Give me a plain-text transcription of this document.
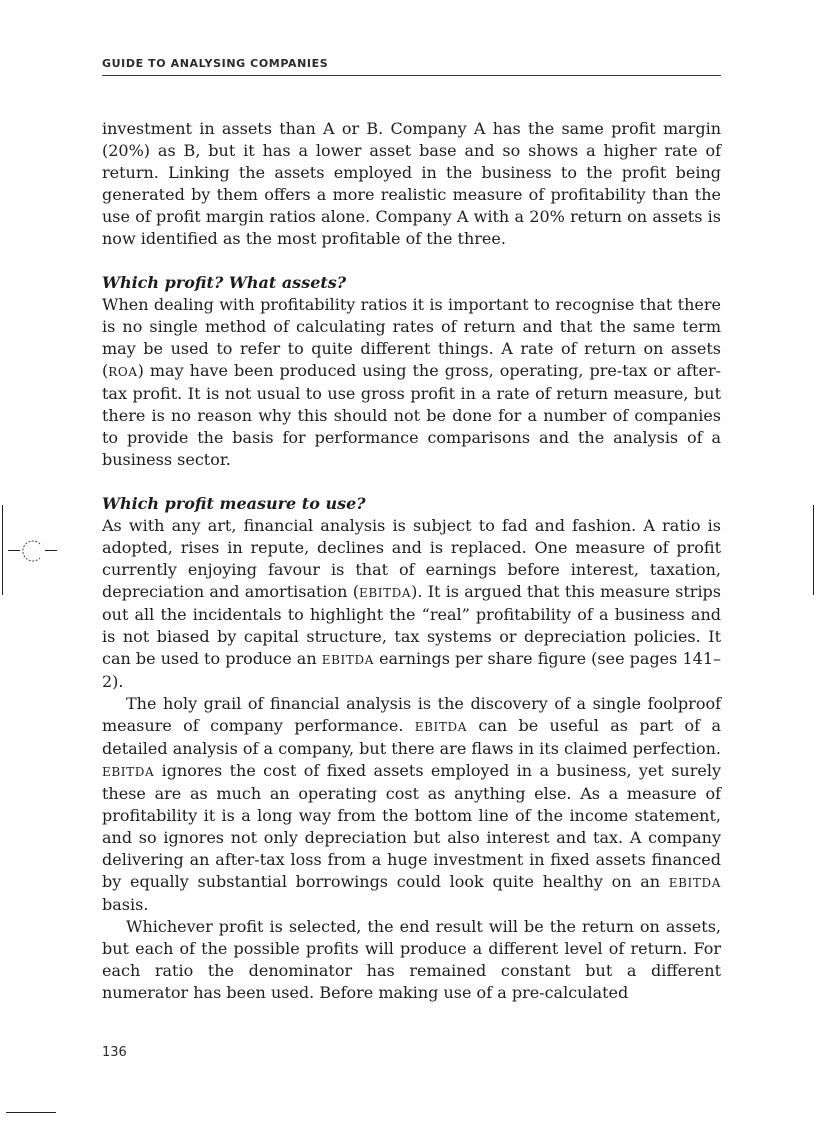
GUIDE TO ANALYSING COMPANIES

investment in assets than A or B. Company A has the same profit margin (20%) as B, but it has a lower asset base and so shows a higher rate of return. Linking the assets employed in the business to the profit being generated by them offers a more realistic measure of profitability than the use of profit margin ratios alone. Company A with a 20% return on assets is now identified as the most profitable of the three.

Which profit? What assets?

When dealing with profitability ratios it is important to recognise that there is no single method of calculating rates of return and that the same term may be used to refer to quite different things. A rate of return on assets (ROA) may have been produced using the gross, operating, pre-tax or after-tax profit. It is not usual to use gross profit in a rate of return measure, but there is no reason why this should not be done for a number of companies to provide the basis for performance comparisons and the analysis of a business sector.

Which profit measure to use?

As with any art, financial analysis is subject to fad and fashion. A ratio is adopted, rises in repute, declines and is replaced. One measure of profit currently enjoying favour is that of earnings before interest, taxation, depreciation and amortisation (EBITDA). It is argued that this measure strips out all the incidentals to highlight the “real” profitability of a business and is not biased by capital structure, tax systems or depreciation policies. It can be used to produce an EBITDA earnings per share figure (see pages 141–2).

The holy grail of financial analysis is the discovery of a single foolproof measure of company performance. EBITDA can be useful as part of a detailed analysis of a company, but there are flaws in its claimed perfection. EBITDA ignores the cost of fixed assets employed in a business, yet surely these are as much an operating cost as anything else. As a measure of profitability it is a long way from the bottom line of the income statement, and so ignores not only depreciation but also interest and tax. A company delivering an after-tax loss from a huge investment in fixed assets financed by equally substantial borrowings could look quite healthy on an EBITDA basis.

Whichever profit is selected, the end result will be the return on assets, but each of the possible profits will produce a different level of return. For each ratio the denominator has remained constant but a different numerator has been used. Before making use of a pre-calculated

136
